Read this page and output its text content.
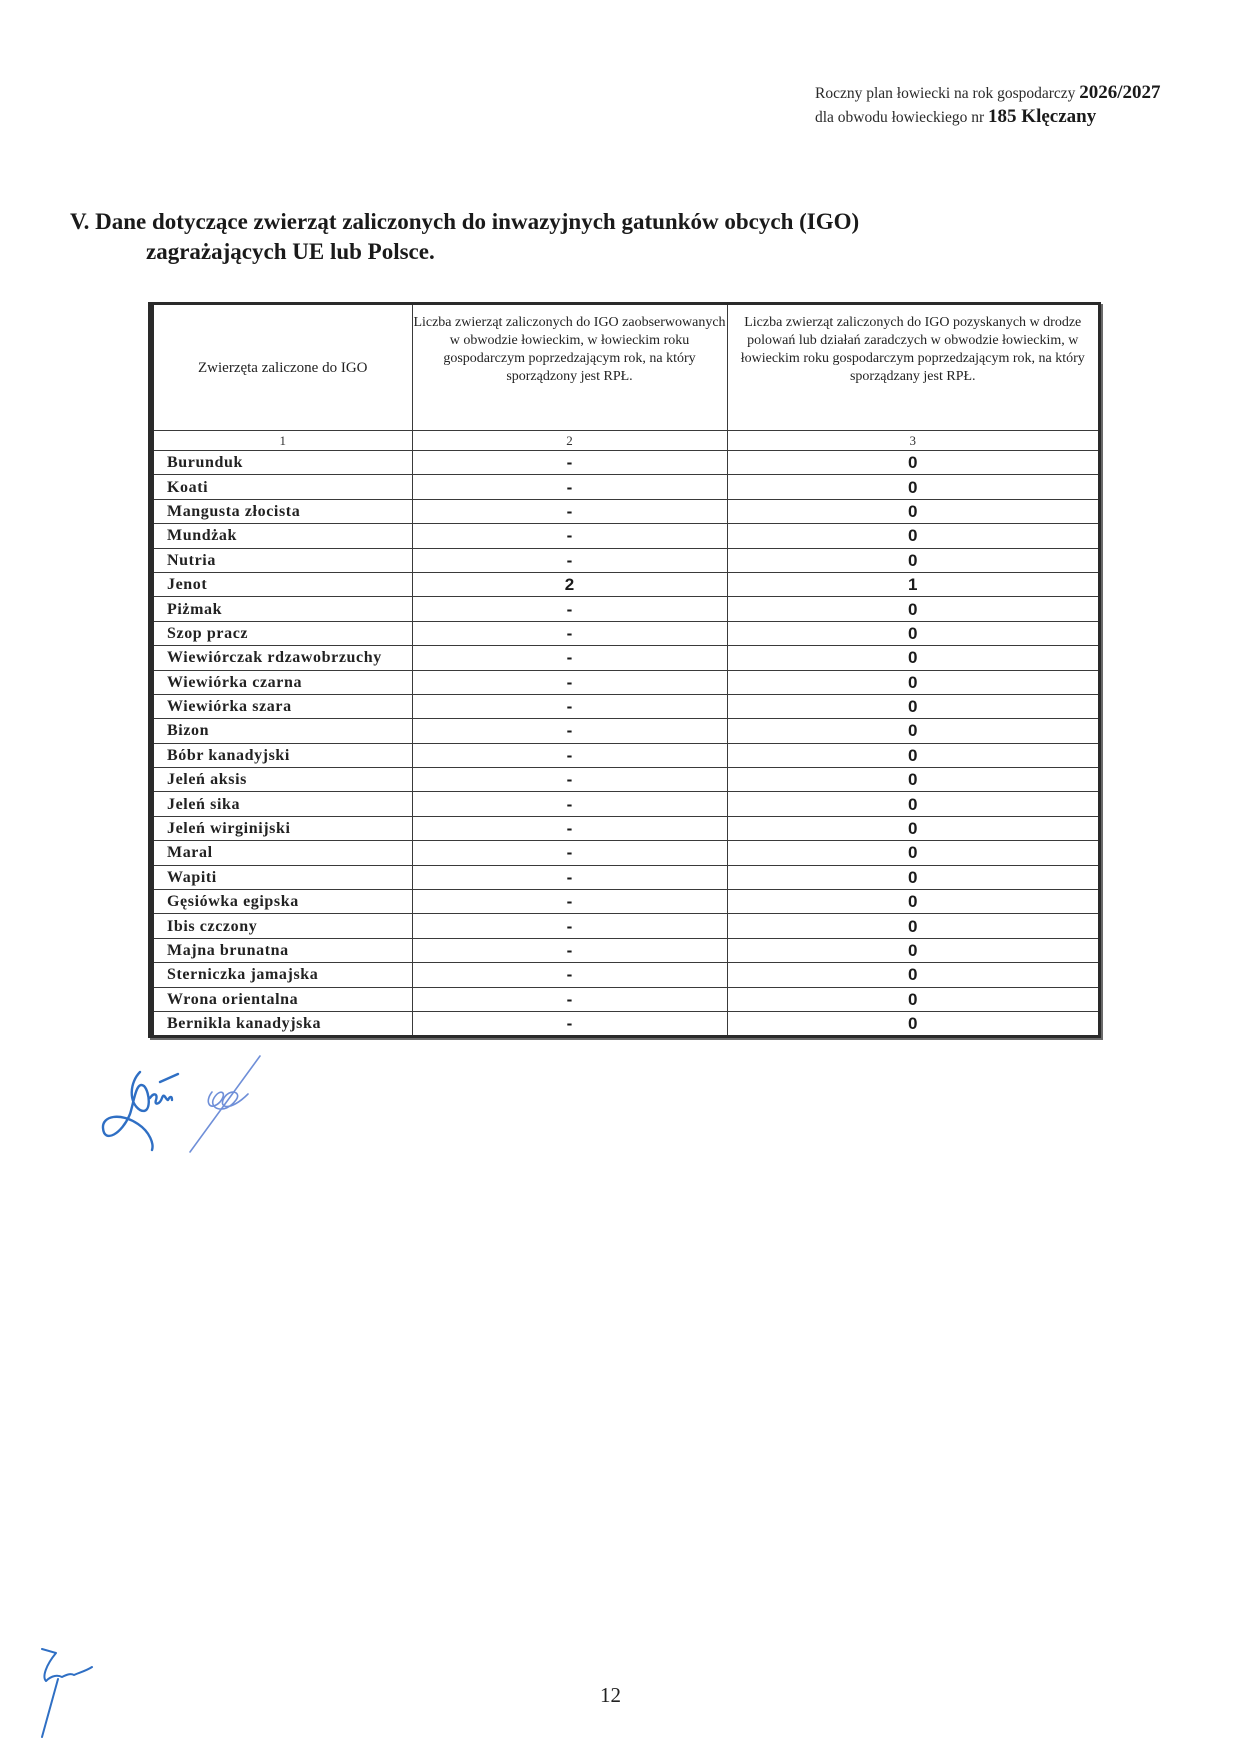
Roczny plan łowiecki na rok gospodarczy 2026/2027
dla obwodu łowieckiego nr 185 Klęczany
V. Dane dotyczące zwierząt zaliczonych do inwazyjnych gatunków obcych (IGO)
zagrażających UE lub Polsce.
Zwierzęta zaliczone do IGO	Liczba zwierząt zaliczonych do IGO zaobserwowanych w obwodzie łowieckim, w łowieckim roku gospodarczym poprzedzającym rok, na który sporządzony jest RPŁ.	Liczba zwierząt zaliczonych do IGO pozyskanych w drodze polowań lub działań zaradczych w obwodzie łowieckim, w łowieckim roku gospodarczym poprzedzającym rok, na który sporządzany jest RPŁ.
1	2	3
Burunduk	-	0
Koati	-	0
Mangusta złocista	-	0
Mundżak	-	0
Nutria	-	0
Jenot	2	1
Piżmak	-	0
Szop pracz	-	0
Wiewiórczak rdzawobrzuchy	-	0
Wiewiórka czarna	-	0
Wiewiórka szara	-	0
Bizon	-	0
Bóbr kanadyjski	-	0
Jeleń aksis	-	0
Jeleń sika	-	0
Jeleń wirginijski	-	0
Maral	-	0
Wapiti	-	0
Gęsiówka egipska	-	0
Ibis czczony	-	0
Majna brunatna	-	0
Sterniczka jamajska	-	0
Wrona orientalna	-	0
Bernikla kanadyjska	-	0
12
